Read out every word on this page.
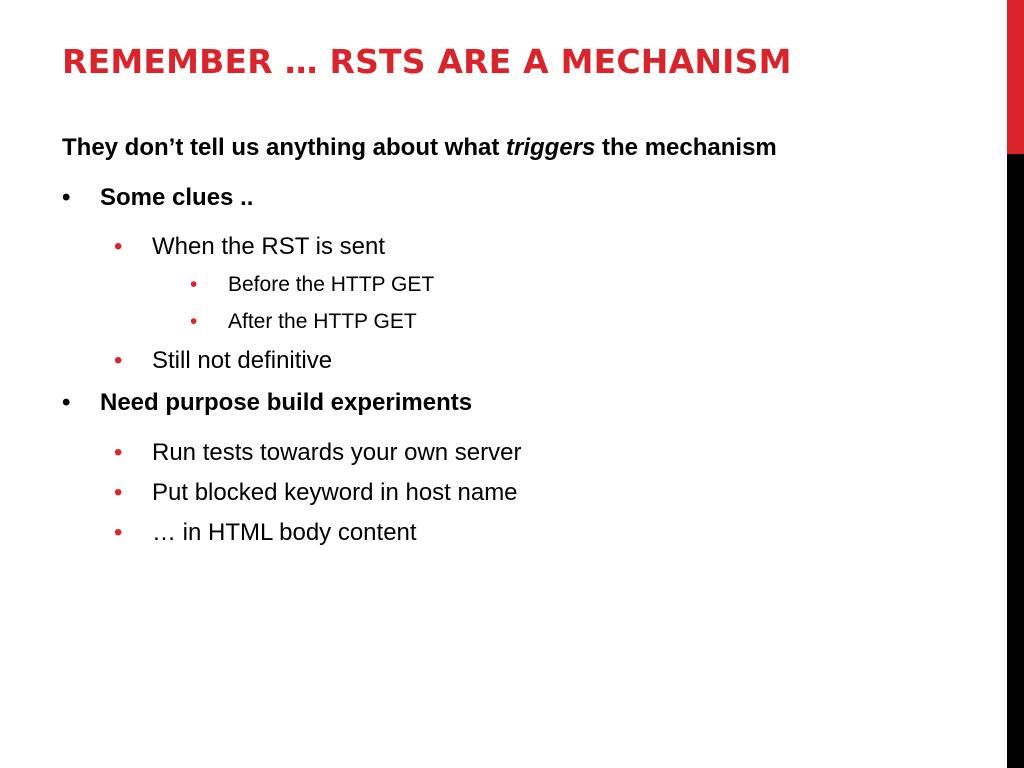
REMEMBER … RSTS ARE A MECHANISM

They don’t tell us anything about what triggers the mechanism

• Some clues ..
• When the RST is sent
• Before the HTTP GET
• After the HTTP GET
• Still not definitive
• Need purpose build experiments
• Run tests towards your own server
• Put blocked keyword in host name
• … in HTML body content
